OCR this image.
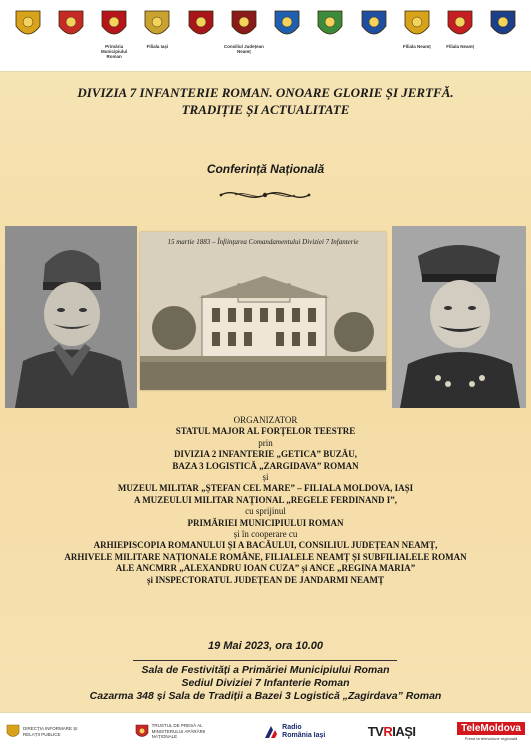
Primăria Municipiului Roman
Filiala Iași	Consiliul Județean Neamț
Filiala Neamț	Filiala Neamț
DIVIZIA 7 INFANTERIE ROMAN. ONOARE GLORIE ȘI JERTFĂ.
TRADIȚIE ȘI ACTUALITATE
Conferință Națională

15 martie 1883 – Înființarea Comandamentului Diviziei 7 Infanterie

ORGANIZATOR

STATUL MAJOR AL FORȚELOR TEESTRE

prin

DIVIZIA 2 INFANTERIE „GETICA” BUZĂU,

BAZA 3 LOGISTICĂ „ZARGIDAVA” ROMAN

și

MUZEUL MILITAR „ȘTEFAN CEL MARE” – FILIALA MOLDOVA, IAȘI

A MUZEULUI MILITAR NAȚIONAL „REGELE FERDINAND I”,

cu sprijinul

PRIMĂRIEI MUNICIPIULUI ROMAN

și în cooperare cu

ARHIEPISCOPIA ROMANULUI ȘI A BACĂULUI, CONSILIUL JUDEȚEAN NEAMȚ,

ARHIVELE MILITARE NAȚIONALE ROMÂNE, FILIALELE NEAMȚ ȘI SUBFILIALELE ROMAN

ALE ANCMRR „ALEXANDRU IOAN CUZA” și ANCE „REGINA MARIA”

și INSPECTORATUL JUDEȚEAN DE JANDARMI NEAMȚ

19 Mai 2023, ora 10.00

Sala de Festivități a Primăriei Municipiului Roman

Sediul Diviziei 7 Infanterie Roman

Cazarma 348 și Sala de Tradiții a Bazei 3 Logistică „Zagirdava” Roman

DIRECȚIA INFORMARE ȘI RELAȚII PUBLICE
TRUSTUL DE PRESĂ AL MINISTERULUI APĂRĂRII NAȚIONALE
Radio România Iași	TV R IAȘI	TeleMoldova
Prima ta televiziune regională
